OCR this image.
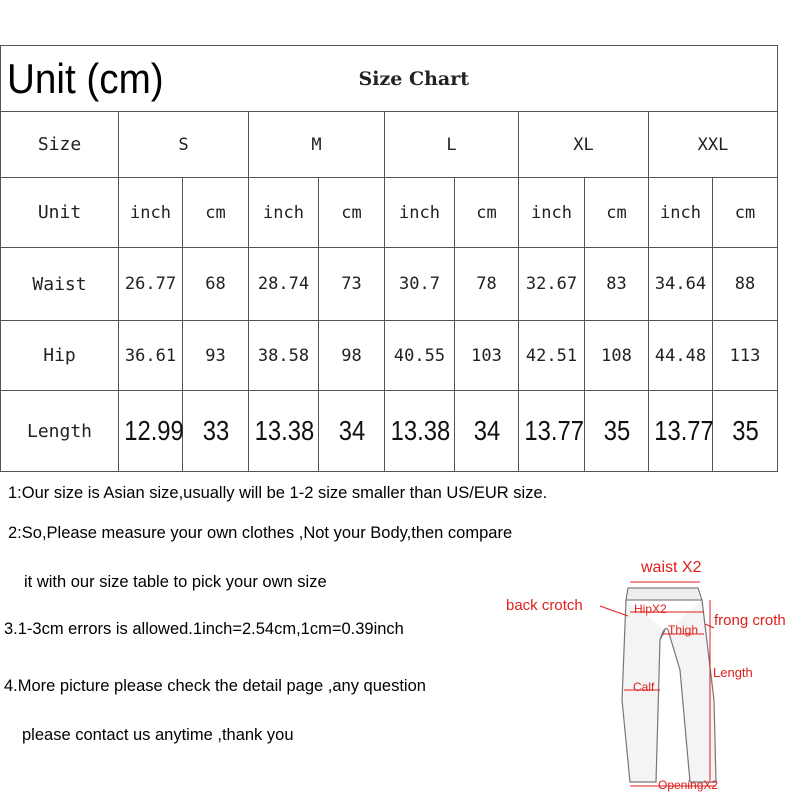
Unit (cm)				Size Chart						
Size	S		M		L		XL		XXL	
Unit	inch	cm	inch	cm	inch	cm	inch	cm	inch	cm
Waist	26.77	68	28.74	73	30.7	78	32.67	83	34.64	88
Hip	36.61	93	38.58	98	40.55	103	42.51	108	44.48	113
Length	12.99	33	13.38	34	13.38	34	13.77	35	13.77	35
1:Our size is Asian size,usually will be 1-2 size smaller than US/EUR size.
2:So,Please measure your own clothes ,Not your Body,then compare
it with our size table to pick your own size
3.1-3cm errors is allowed.1inch=2.54cm,1cm=0.39inch
4.More picture please check the detail page ,any question
please contact us anytime ,thank you
waist X2
back crotch	HipX2
frong croth
Thigh
Length
Calf
OpeningX2
